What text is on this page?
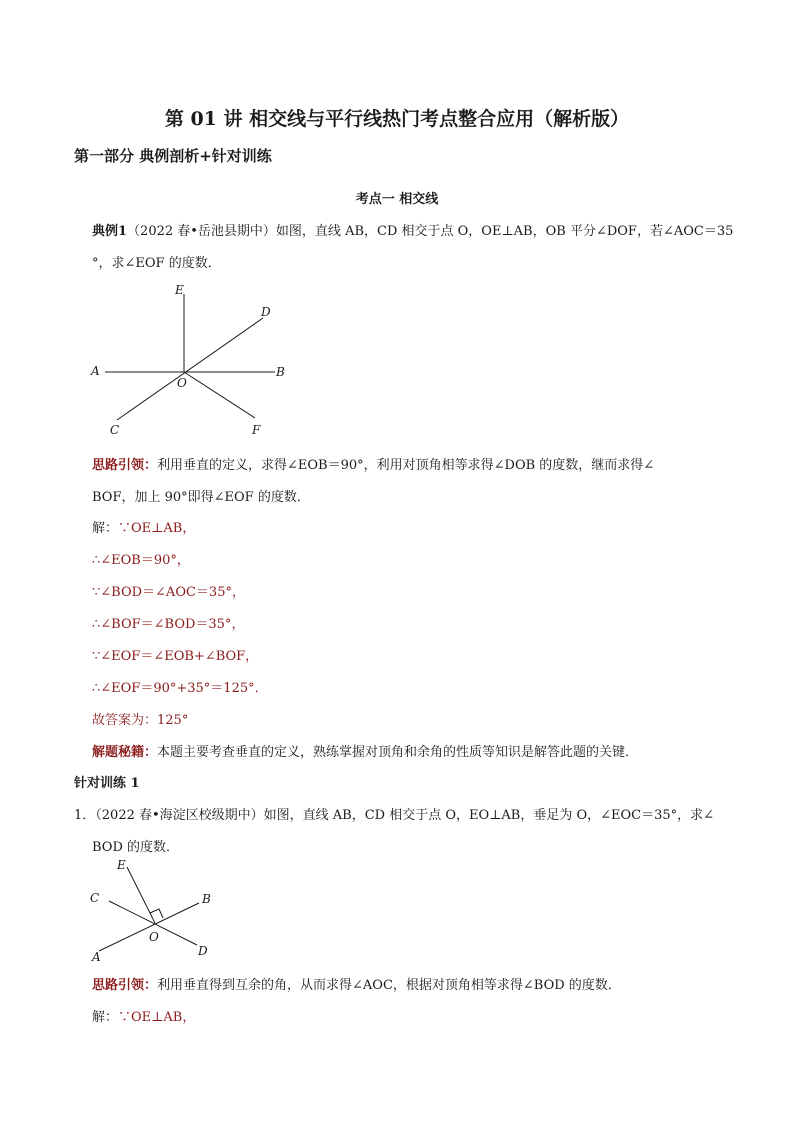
第 01 讲 相交线与平行线热门考点整合应用（解析版）
第一部分 典例剖析+针对训练
考点一 相交线
典例1（2022 春•岳池县期中）如图，直线 AB，CD 相交于点 O，OE⊥AB，OB 平分∠DOF，若∠AOC＝35
°，求∠EOF 的度数．
E
D
A
O
B
C	F
思路引领：利用垂直的定义，求得∠EOB＝90°，利用对顶角相等求得∠DOB 的度数，继而求得∠
BOF，加上 90°即得∠EOF 的度数．
解：∵OE⊥AB，
∴∠EOB＝90°，
∵∠BOD＝∠AOC＝35°，
∴∠BOF＝∠BOD＝35°，
∵∠EOF＝∠EOB+∠BOF，
∴∠EOF＝90°+35°＝125°．
故答案为：125°
解题秘籍：本题主要考查垂直的定义，熟练掌握对顶角和余角的性质等知识是解答此题的关键．
针对训练 1
1．（2022 春•海淀区校级期中）如图，直线 AB，CD 相交于点 O，EO⊥AB，垂足为 O，∠EOC＝35°，求∠
BOD 的度数．
E
C	B
O
A	D
思路引领：利用垂直得到互余的角，从而求得∠AOC，根据对顶角相等求得∠BOD 的度数．
解：∵OE⊥AB，
